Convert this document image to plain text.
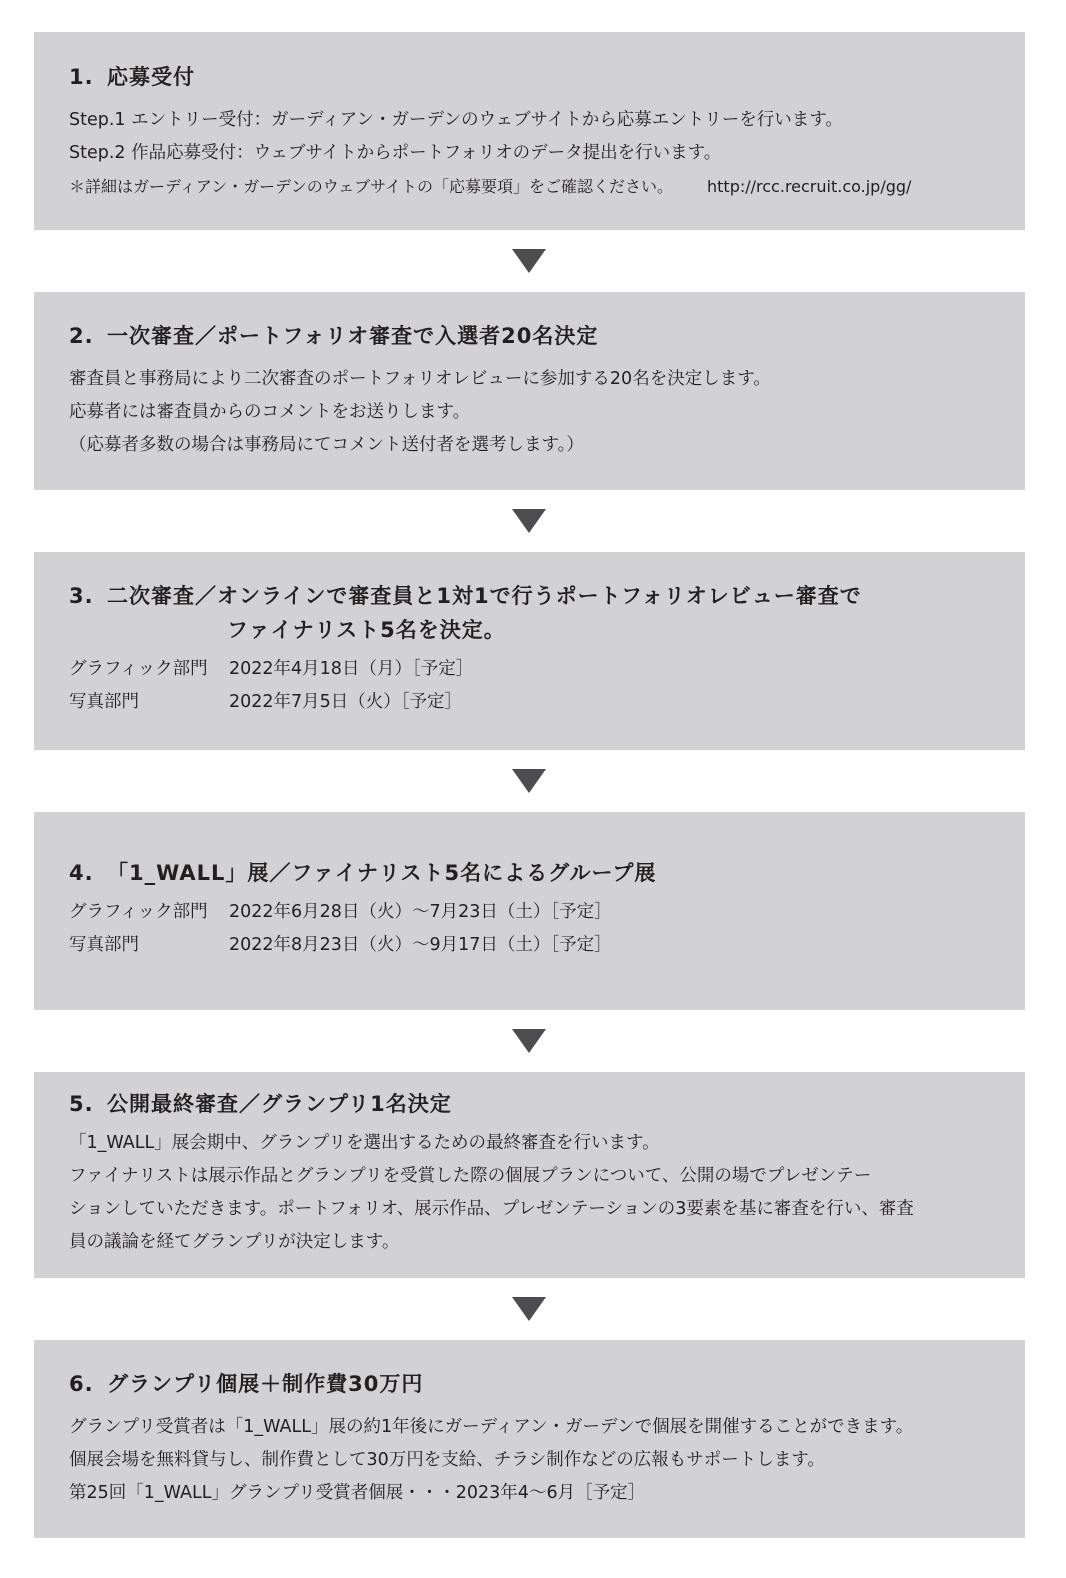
1. 応募受付
Step.1 エントリー受付：ガーディアン・ガーデンのウェブサイトから応募エントリーを行います。
Step.2 作品応募受付：ウェブサイトからポートフォリオのデータ提出を行います。
＊詳細はガーディアン・ガーデンのウェブサイトの「応募要項」をご確認ください。 http://rcc.recruit.co.jp/gg/
2. 一次審査／ポートフォリオ審査で入選者20名決定
審査員と事務局により二次審査のポートフォリオレビューに参加する20名を決定します。
応募者には審査員からのコメントをお送りします。
（応募者多数の場合は事務局にてコメント送付者を選考します。）
3. 二次審査／オンラインで審査員と1対1で行うポートフォリオレビュー審査で
ファイナリスト5名を決定。
グラフィック部門 2022年4月18日（月）［予定］
写真部門	2022年7月5日（火）［予定］
4. 「1_WALL」展／ファイナリスト5名によるグループ展
グラフィック部門 2022年6月28日（火）～7月23日（土）［予定］
写真部門	2022年8月23日（火）～9月17日（土）［予定］
5. 公開最終審査／グランプリ1名決定
「1_WALL」展会期中、グランプリを選出するための最終審査を行います。
ファイナリストは展示作品とグランプリを受賞した際の個展プランについて、公開の場でプレゼンテー
ションしていただきます。ポートフォリオ、展示作品、プレゼンテーションの3要素を基に審査を行い、審査
員の議論を経てグランプリが決定します。
6. グランプリ個展＋制作費30万円
グランプリ受賞者は「1_WALL」展の約1年後にガーディアン・ガーデンで個展を開催することができます。
個展会場を無料貸与し、制作費として30万円を支給、チラシ制作などの広報もサポートします。
第25回「1_WALL」グランプリ受賞者個展・・・2023年4～6月［予定］
